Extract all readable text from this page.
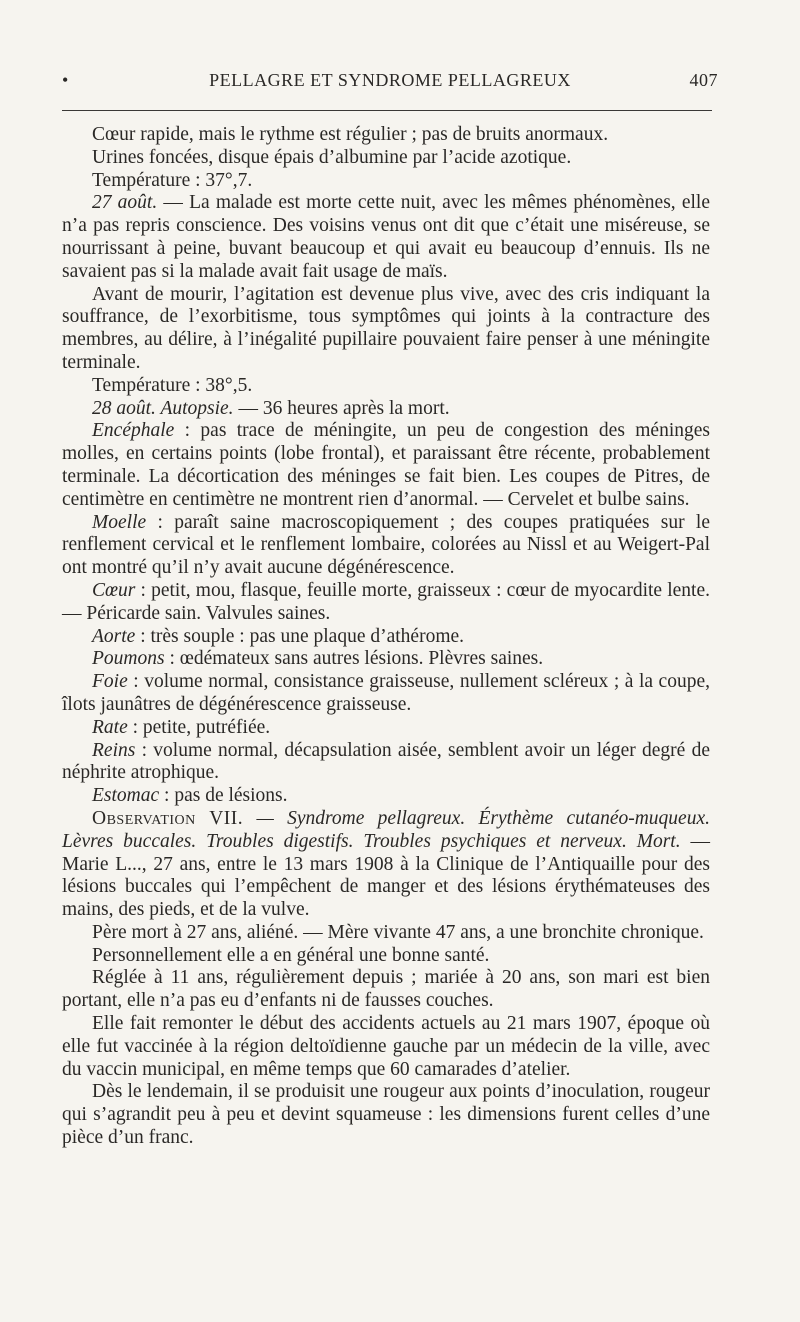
•	PELLAGRE ET SYNDROME PELLAGREUX	407

Cœur rapide, mais le rythme est régulier ; pas de bruits anormaux.

Urines foncées, disque épais d’albumine par l’acide azotique.

Température : 37°,7.

27 août. — La malade est morte cette nuit, avec les mêmes phénomènes, elle n’a pas repris conscience. Des voisins venus ont dit que c’était une miséreuse, se nourrissant à peine, buvant beaucoup et qui avait eu beaucoup d’ennuis. Ils ne savaient pas si la malade avait fait usage de maïs.

Avant de mourir, l’agitation est devenue plus vive, avec des cris indiquant la souffrance, de l’exorbitisme, tous symptômes qui joints à la contracture des membres, au délire, à l’inégalité pupillaire pouvaient faire penser à une méningite terminale.

Température : 38°,5.

28 août. Autopsie. — 36 heures après la mort.

Encéphale : pas trace de méningite, un peu de congestion des méninges molles, en certains points (lobe frontal), et paraissant être récente, probablement terminale. La décortication des méninges se fait bien. Les coupes de Pitres, de centimètre en centimètre ne montrent rien d’anormal. — Cervelet et bulbe sains.

Moelle : paraît saine macroscopiquement ; des coupes pratiquées sur le renflement cervical et le renflement lombaire, colorées au Nissl et au Weigert-Pal ont montré qu’il n’y avait aucune dégénérescence.

Cœur : petit, mou, flasque, feuille morte, graisseux : cœur de myocardite lente. — Péricarde sain. Valvules saines.

Aorte : très souple : pas une plaque d’athérome.

Poumons : œdémateux sans autres lésions. Plèvres saines.

Foie : volume normal, consistance graisseuse, nullement scléreux ; à la coupe, îlots jaunâtres de dégénérescence graisseuse.

Rate : petite, putréfiée.

Reins : volume normal, décapsulation aisée, semblent avoir un léger degré de néphrite atrophique.

Estomac : pas de lésions.

Observation VII. — Syndrome pellagreux. Érythème cutanéo-muqueux. Lèvres buccales. Troubles digestifs. Troubles psychiques et nerveux. Mort. — Marie L..., 27 ans, entre le 13 mars 1908 à la Clinique de l’Antiquaille pour des lésions buccales qui l’empêchent de manger et des lésions érythémateuses des mains, des pieds, et de la vulve.

Père mort à 27 ans, aliéné. — Mère vivante 47 ans, a une bronchite chronique.

Personnellement elle a en général une bonne santé.

Réglée à 11 ans, régulièrement depuis ; mariée à 20 ans, son mari est bien portant, elle n’a pas eu d’enfants ni de fausses couches.

Elle fait remonter le début des accidents actuels au 21 mars 1907, époque où elle fut vaccinée à la région deltoïdienne gauche par un médecin de la ville, avec du vaccin municipal, en même temps que 60 camarades d’atelier.

Dès le lendemain, il se produisit une rougeur aux points d’inoculation, rougeur qui s’agrandit peu à peu et devint squameuse : les dimensions furent celles d’une pièce d’un franc.
